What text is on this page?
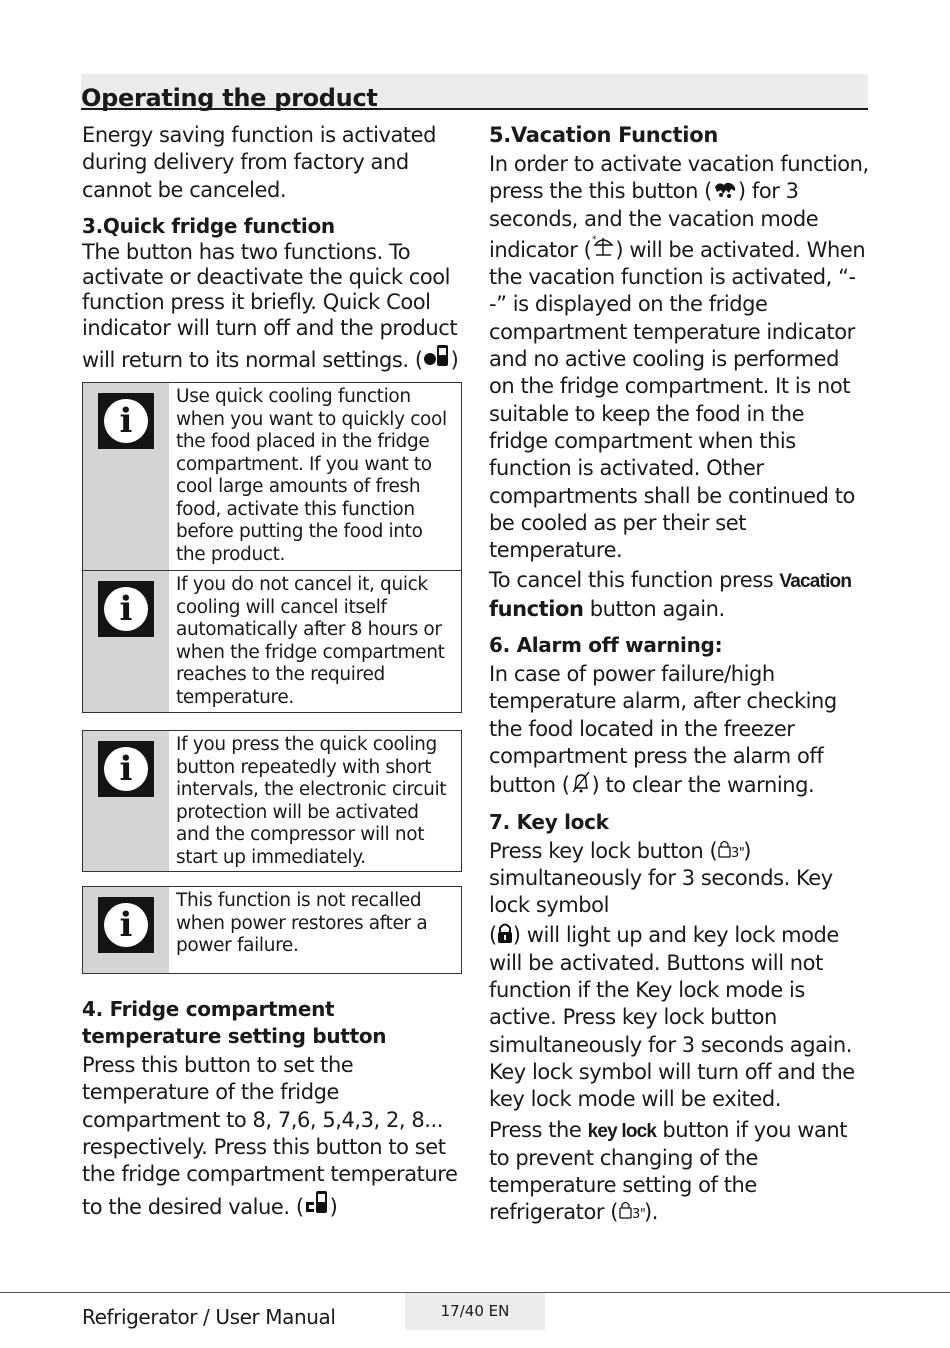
Operating the product

Energy saving function is activated during delivery from factory and cannot be canceled.

3.Quick fridge function

The button has two functions. To activate or deactivate the quick cool function press it briefly. Quick Cool indicator will turn off and the product will return to its normal settings. ( )

i
Use quick cooling function when you want to quickly cool the food placed in the fridge compartment. If you want to cool large amounts of fresh food, activate this function before putting the food into the product.
i
If you do not cancel it, quick cooling will cancel itself automatically after 8 hours or when the fridge compartment reaches to the required temperature.
i
If you press the quick cooling button repeatedly with short intervals, the electronic circuit protection will be activated and the compressor will not start up immediately.
i
This function is not recalled when power restores after a power failure.

4. Fridge compartment temperature setting button

Press this button to set the temperature of the fridge compartment to 8, 7,6, 5,4,3, 2, 8... respectively. Press this button to set the fridge compartment temperature to the desired value. ( )

5.Vacation Function

In order to activate vacation function, press the this button ( ) for 3 seconds, and the vacation mode indicator ( * ) will be activated. When the vacation function is activated, “- -” is displayed on the fridge compartment temperature indicator and no active cooling is performed on the fridge compartment. It is not suitable to keep the food in the fridge compartment when this function is activated. Other compartments shall be continued to be cooled as per their set temperature.

To cancel this function press Vacation function button again.

6. Alarm off warning:

In case of power failure/high temperature alarm, after checking the food located in the freezer compartment press the alarm off button ( ) to clear the warning.

7. Key lock

Press key lock button ( 3"
) simultaneously for 3 seconds. Key lock symbol

( ) will light up and key lock mode will be activated. Buttons will not function if the Key lock mode is active. Press key lock button simultaneously for 3 seconds again. Key lock symbol will turn off and the key lock mode will be exited.

Press the key lock button if you want to prevent changing of the temperature setting of the refrigerator ( 3"
).

Refrigerator / User Manual	17/40 EN
